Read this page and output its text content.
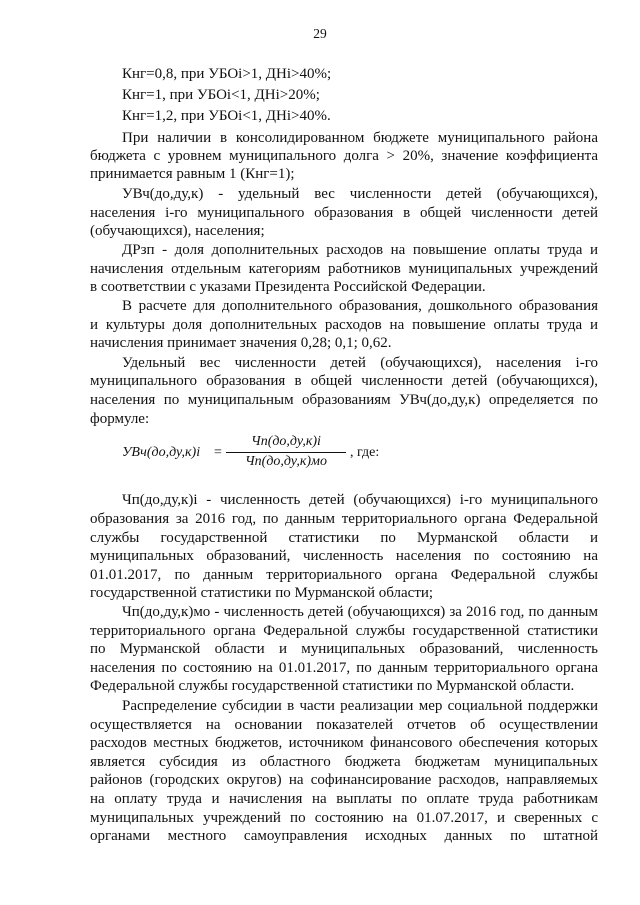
29
Кнг=0,8, при УБОi>1, ДНi>40%;
Кнг=1, при УБОi<1, ДНi>20%;
Кнг=1,2, при УБОi<1, ДНi>40%.
При наличии в консолидированном бюджете муниципального района
бюджета с уровнем муниципального долга > 20%, значение коэффициента
принимается равным 1 (Кнг=1);
УВч(до,ду,к) - удельный вес численности детей (обучающихся),
населения i-го муниципального образования в общей численности детей
(обучающихся), населения;
ДРзп - доля дополнительных расходов на повышение оплаты труда и
начисления отдельным категориям работников муниципальных учреждений
в соответствии с указами Президента Российской Федерации.
В расчете для дополнительного образования, дошкольного образования
и культуры доля дополнительных расходов на повышение оплаты труда и
начисления принимает значения 0,28; 0,1; 0,62.
Удельный вес численности детей (обучающихся), населения i-го
муниципального образования в общей численности детей (обучающихся),
населения по муниципальным образованиям УВч(до,ду,к) определяется по
формуле:
Чп(до,ду,к)i - численность детей (обучающихся) i-го муниципального
образования за 2016 год, по данным территориального органа Федеральной
службы государственной статистики по Мурманской области и
муниципальных образований, численность населения по состоянию на
01.01.2017, по данным территориального органа Федеральной службы
государственной статистики по Мурманской области;
Чп(до,ду,к)мо - численность детей (обучающихся) за 2016 год, по данным
территориального органа Федеральной службы государственной статистики
по Мурманской области и муниципальных образований, численность
населения по состоянию на 01.01.2017, по данным территориального органа
Федеральной службы государственной статистики по Мурманской области.
Распределение субсидии в части реализации мер социальной поддержки
осуществляется на основании показателей отчетов об осуществлении
расходов местных бюджетов, источником финансового обеспечения которых
является субсидия из областного бюджета бюджетам муниципальных
районов (городских округов) на софинансирование расходов, направляемых
на оплату труда и начисления на выплаты по оплате труда работникам
муниципальных учреждений по состоянию на 01.07.2017, и сверенных с
органами местного самоуправления исходных данных по штатной
УВч(до,ду,к)i =
Чп(до,ду,к)i
Чп(до,ду,к)мо
, где:
